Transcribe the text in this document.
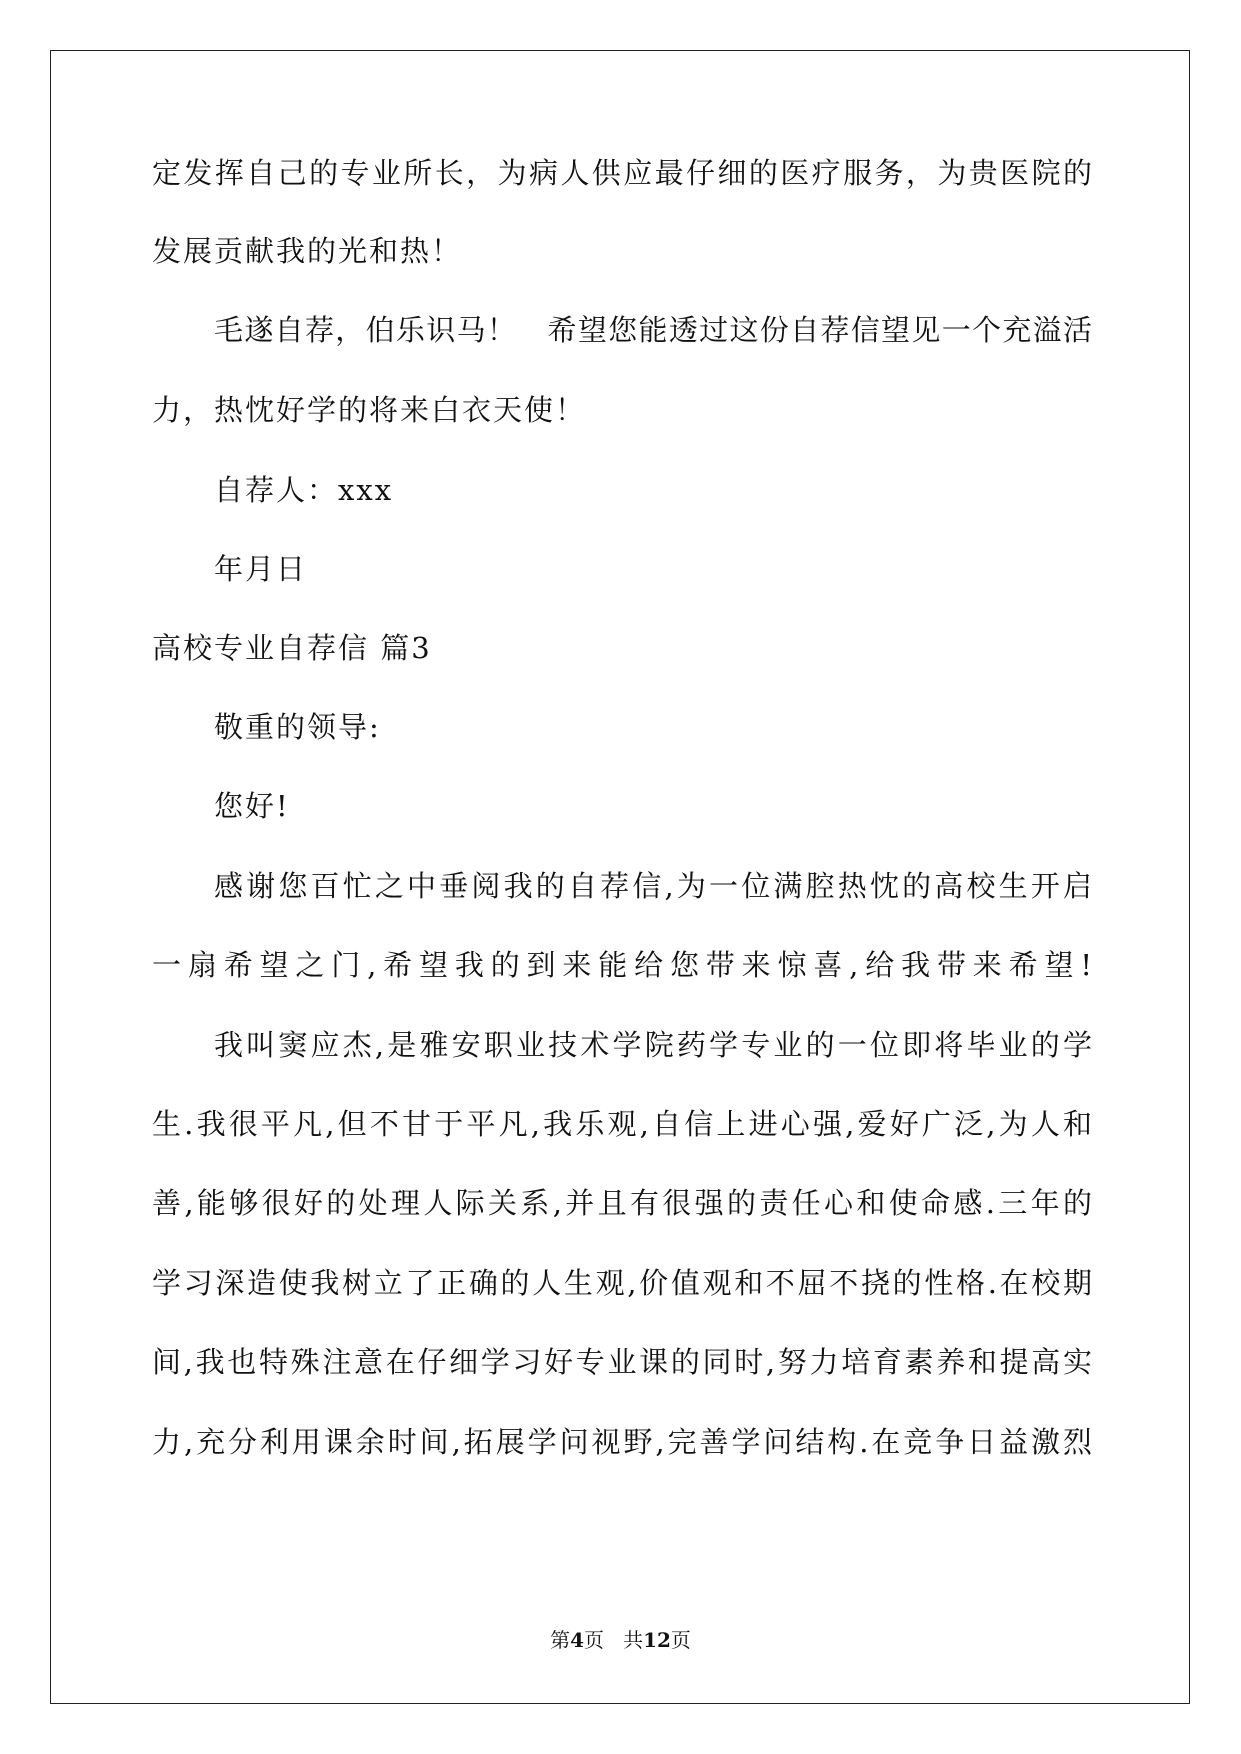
定发挥自己的专业所长，为病人供应最仔细的医疗服务，为贵医院的
发展贡献我的光和热！
毛遂自荐，伯乐识马！　希望您能透过这份自荐信望见一个充溢活
力，热忱好学的将来白衣天使！
自荐人：xxx
年月日
高校专业自荐信 篇3
敬重的领导:
您好!
感谢您百忙之中垂阅我的自荐信,为一位满腔热忱的高校生开启
一扇希望之门,希望我的到来能给您带来惊喜,给我带来希望!
我叫窦应杰,是雅安职业技术学院药学专业的一位即将毕业的学
生.我很平凡,但不甘于平凡,我乐观,自信上进心强,爱好广泛,为人和
善,能够很好的处理人际关系,并且有很强的责任心和使命感.三年的
学习深造使我树立了正确的人生观,价值观和不屈不挠的性格.在校期
间,我也特殊注意在仔细学习好专业课的同时,努力培育素养和提高实
力,充分利用课余时间,拓展学问视野,完善学问结构.在竞争日益激烈
第4页 共12页
